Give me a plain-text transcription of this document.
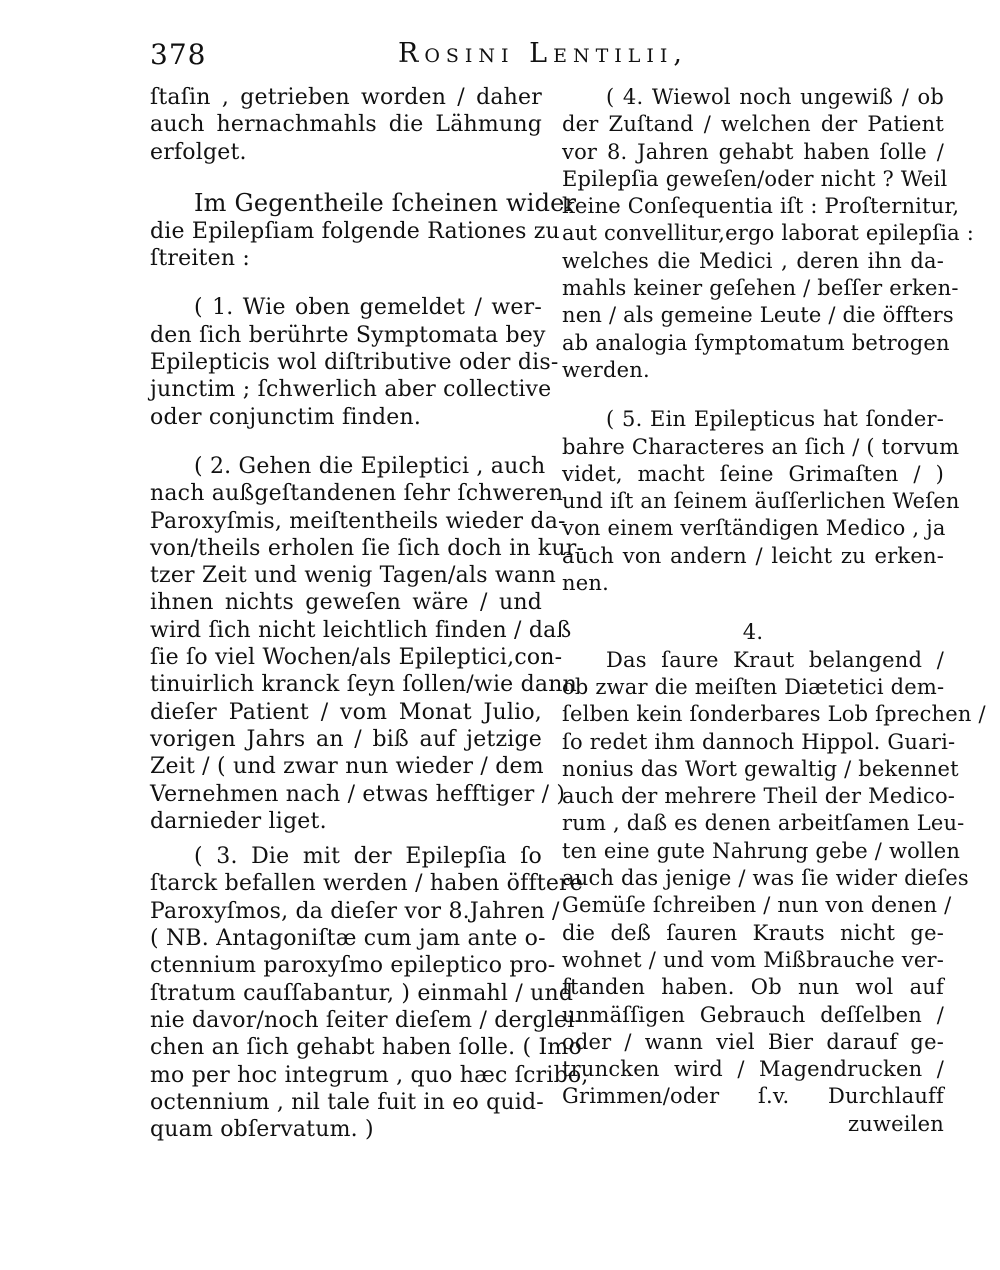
378	Rosini Lentilii,
ſtaſin , getrieben worden / daher
auch hernachmahls die Lähmung
erfolget.
Im Gegentheile ſcheinen wider
die Epilepſiam folgende Rationes zu
ſtreiten :
( 1. Wie oben gemeldet / wer-
den ſich berührte Symptomata bey
Epilepticis wol diſtributive oder dis-
junctim ; ſchwerlich aber collective
oder conjunctim finden.
( 2. Gehen die Epileptici , auch
nach außgeſtandenen ſehr ſchweren
Paroxyſmis, meiſtentheils wieder da-
von/theils erholen ſie ſich doch in kur-
tzer Zeit und wenig Tagen/als wann
ihnen nichts geweſen wäre / und
wird ſich nicht leichtlich finden / daß
ſie ſo viel Wochen/als Epileptici,con-
tinuirlich kranck ſeyn ſollen/wie dann
dieſer Patient / vom Monat Julio,
vorigen Jahrs an / biß auf jetzige
Zeit / ( und zwar nun wieder / dem
Vernehmen nach / etwas hefftiger / )
darnieder liget.
( 3. Die mit der Epilepſia ſo
ſtarck befallen werden / haben öfftere
Paroxyſmos, da dieſer vor 8.Jahren /
( NB. Antagoniſtæ cum jam ante o-
ctennium paroxyſmo epileptico pro-
ſtratum cauſſabantur, ) einmahl / und
nie davor/noch ſeiter dieſem / derglei-
chen an ſich gehabt haben ſolle. ( Imo
mo per hoc integrum , quo hæc ſcribo,
octennium , nil tale fuit in eo quid-
quam obſervatum. )
( 4. Wiewol noch ungewiß / ob
der Zuſtand / welchen der Patient
vor 8. Jahren gehabt haben ſolle /
Epilepſia geweſen/oder nicht ? Weil
keine Conſequentia iſt : Proſternitur,
aut convellitur,ergo laborat epilepſia :
welches die Medici , deren ihn da-
mahls keiner geſehen / beſſer erken-
nen / als gemeine Leute / die öffters
ab analogia ſymptomatum betrogen
werden.
( 5. Ein Epilepticus hat ſonder-
bahre Characteres an ſich / ( torvum
videt, macht ſeine Grimaſten / )
und iſt an ſeinem äuſſerlichen Weſen
von einem verſtändigen Medico , ja
auch von andern / leicht zu erken-
nen.
4.
Das ſaure Kraut belangend /
ob zwar die meiſten Diætetici dem-
ſelben kein ſonderbares Lob ſprechen /
ſo redet ihm dannoch Hippol. Guari-
nonius das Wort gewaltig / bekennet
auch der mehrere Theil der Medico-
rum , daß es denen arbeitſamen Leu-
ten eine gute Nahrung gebe / wollen
auch das jenige / was ſie wider dieſes
Gemüſe ſchreiben / nun von denen /
die deß ſauren Krauts nicht ge-
wohnet / und vom Mißbrauche ver-
ſtanden haben. Ob nun wol auf
unmäſſigen Gebrauch deſſelben /
oder / wann viel Bier darauf ge-
truncken wird / Magendrucken /
Grimmen/oder ſ.v. Durchlauff
zuweilen
